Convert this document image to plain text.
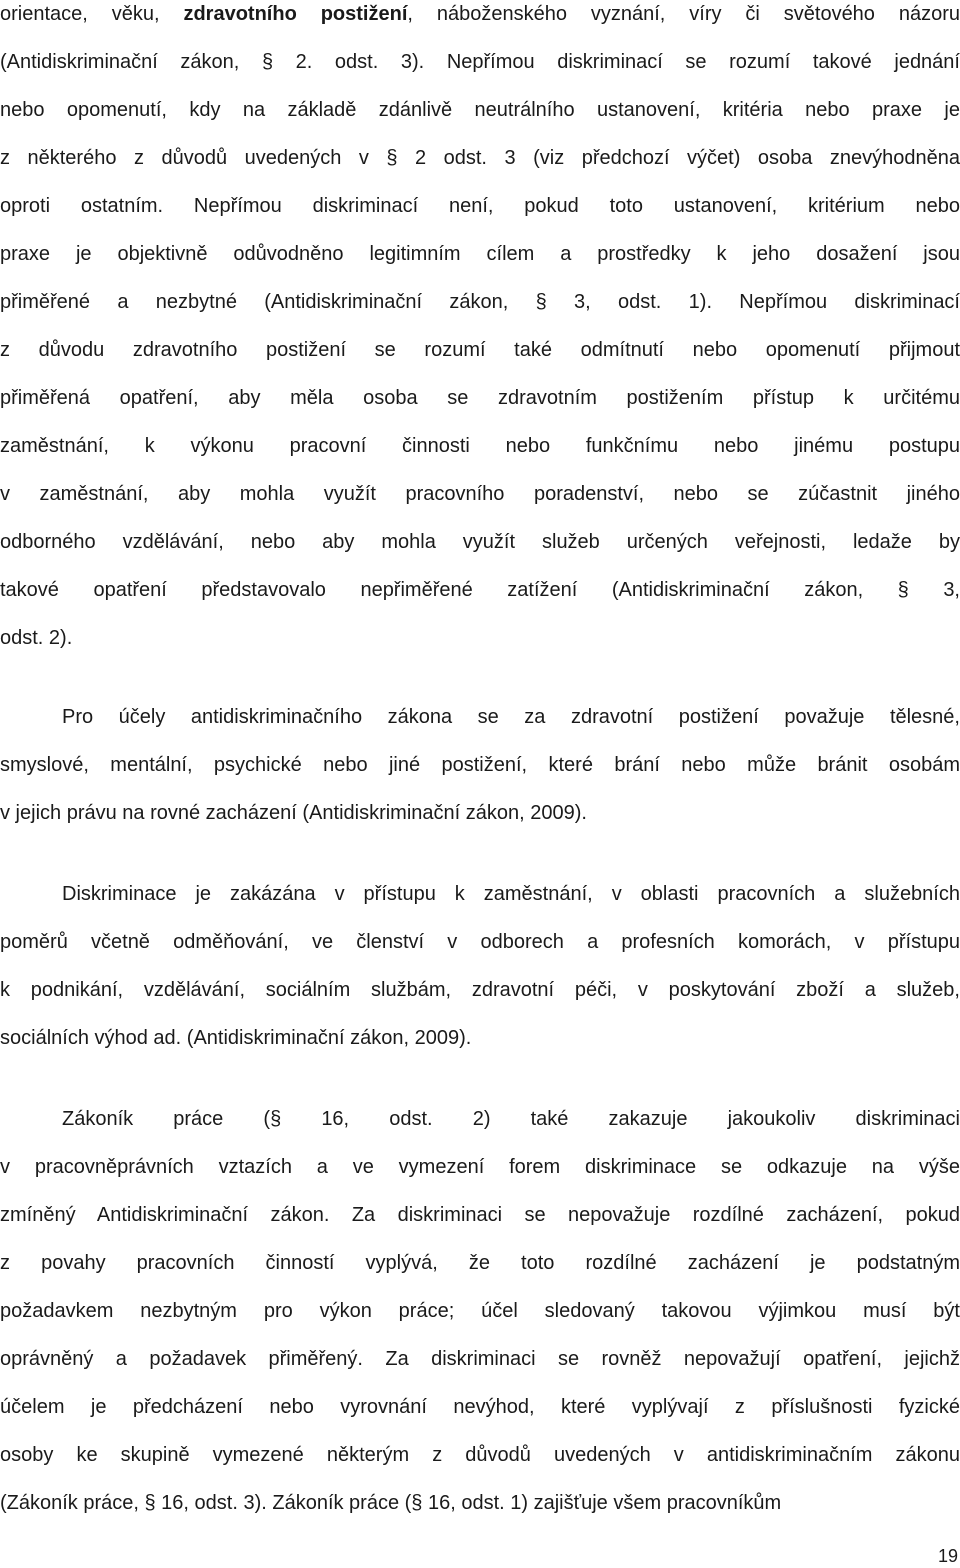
orientace, věku, zdravotního postižení, náboženského vyznání, víry či světového názoru
(Antidiskriminační zákon, § 2. odst. 3). Nepřímou diskriminací se rozumí takové jednání
nebo opomenutí, kdy na základě zdánlivě neutrálního ustanovení, kritéria nebo praxe je
z některého z důvodů uvedených v § 2 odst. 3 (viz předchozí výčet) osoba znevýhodněna
oproti ostatním. Nepřímou diskriminací není, pokud toto ustanovení, kritérium nebo
praxe je objektivně odůvodněno legitimním cílem a prostředky k jeho dosažení jsou
přiměřené a nezbytné (Antidiskriminační zákon, § 3, odst. 1). Nepřímou diskriminací
z důvodu zdravotního postižení se rozumí také odmítnutí nebo opomenutí přijmout
přiměřená opatření, aby měla osoba se zdravotním postižením přístup k určitému
zaměstnání, k výkonu pracovní činnosti nebo funkčnímu nebo jinému postupu
v zaměstnání, aby mohla využít pracovního poradenství, nebo se zúčastnit jiného
odborného vzdělávání, nebo aby mohla využít služeb určených veřejnosti, ledaže by
takové opatření představovalo nepřiměřené zatížení (Antidiskriminační zákon, § 3,
odst. 2).
Pro účely antidiskriminačního zákona se za zdravotní postižení považuje tělesné,
smyslové, mentální, psychické nebo jiné postižení, které brání nebo může bránit osobám
v jejich právu na rovné zacházení (Antidiskriminační zákon, 2009).
Diskriminace je zakázána v přístupu k zaměstnání, v oblasti pracovních a služebních
poměrů včetně odměňování, ve členství v odborech a profesních komorách, v přístupu
k podnikání, vzdělávání, sociálním službám, zdravotní péči, v poskytování zboží a služeb,
sociálních výhod ad. (Antidiskriminační zákon, 2009).
Zákoník práce (§ 16, odst. 2) také zakazuje jakoukoliv diskriminaci
v pracovněprávních vztazích a ve vymezení forem diskriminace se odkazuje na výše
zmíněný Antidiskriminační zákon. Za diskriminaci se nepovažuje rozdílné zacházení, pokud
z povahy pracovních činností vyplývá, že toto rozdílné zacházení je podstatným
požadavkem nezbytným pro výkon práce; účel sledovaný takovou výjimkou musí být
oprávněný a požadavek přiměřený. Za diskriminaci se rovněž nepovažují opatření, jejichž
účelem je předcházení nebo vyrovnání nevýhod, které vyplývají z příslušnosti fyzické
osoby ke skupině vymezené některým z důvodů uvedených v antidiskriminačním zákonu
(Zákoník práce, § 16, odst. 3). Zákoník práce (§ 16, odst. 1) zajišťuje všem pracovníkům
19
